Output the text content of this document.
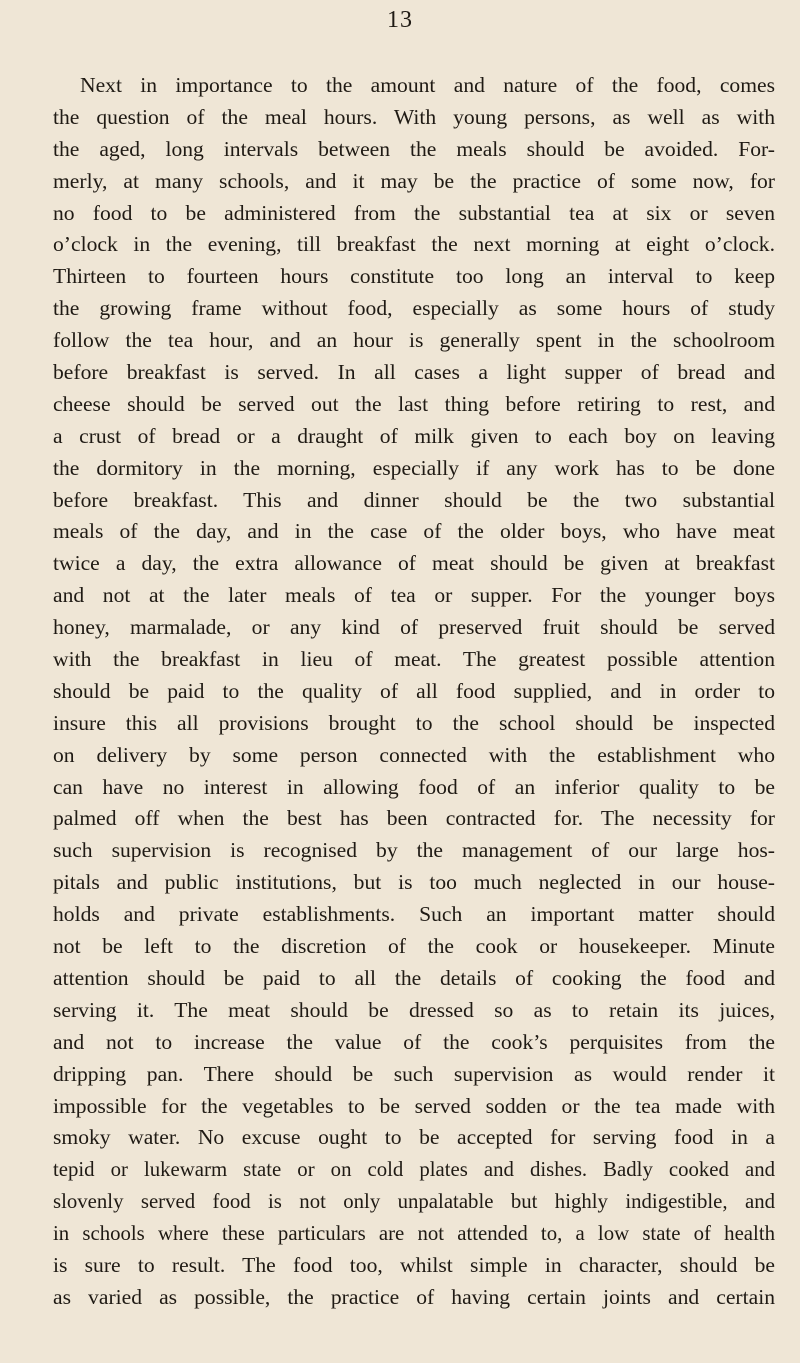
13
Next in importance to the amount and nature of the food, comes
the question of the meal hours. With young persons, as well as with
the aged, long intervals between the meals should be avoided. For-
merly, at many schools, and it may be the practice of some now, for
no food to be administered from the substantial tea at six or seven
o’clock in the evening, till breakfast the next morning at eight o’clock.
Thirteen to fourteen hours constitute too long an interval to keep
the growing frame without food, especially as some hours of study
follow the tea hour, and an hour is generally spent in the schoolroom
before breakfast is served. In all cases a light supper of bread and
cheese should be served out the last thing before retiring to rest, and
a crust of bread or a draught of milk given to each boy on leaving
the dormitory in the morning, especially if any work has to be done
before breakfast. This and dinner should be the two substantial
meals of the day, and in the case of the older boys, who have meat
twice a day, the extra allowance of meat should be given at breakfast
and not at the later meals of tea or supper. For the younger boys
honey, marmalade, or any kind of preserved fruit should be served
with the breakfast in lieu of meat. The greatest possible attention
should be paid to the quality of all food supplied, and in order to
insure this all provisions brought to the school should be inspected
on delivery by some person connected with the establishment who
can have no interest in allowing food of an inferior quality to be
palmed off when the best has been contracted for. The necessity for
such supervision is recognised by the management of our large hos-
pitals and public institutions, but is too much neglected in our house-
holds and private establishments. Such an important matter should
not be left to the discretion of the cook or housekeeper. Minute
attention should be paid to all the details of cooking the food and
serving it. The meat should be dressed so as to retain its juices,
and not to increase the value of the cook’s perquisites from the
dripping pan. There should be such supervision as would render it
impossible for the vegetables to be served sodden or the tea made with
smoky water. No excuse ought to be accepted for serving food in a
tepid or lukewarm state or on cold plates and dishes. Badly cooked and
slovenly served food is not only unpalatable but highly indigestible, and
in schools where these particulars are not attended to, a low state of health
is sure to result. The food too, whilst simple in character, should be
as varied as possible, the practice of having certain joints and certain
